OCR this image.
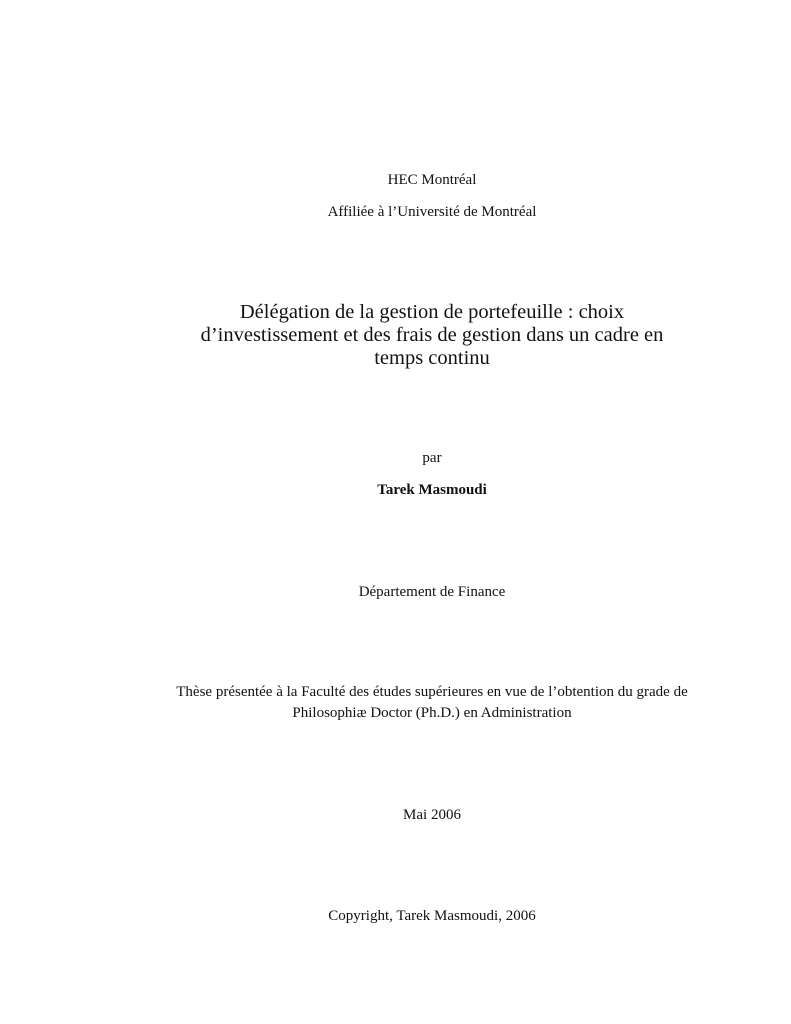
HEC Montréal

Affiliée à l’Université de Montréal

Délégation de la gestion de portefeuille : choix
d’investissement et des frais de gestion dans un cadre en
temps continu

par

Tarek Masmoudi

Département de Finance

Thèse présentée à la Faculté des études supérieures en vue de l’obtention du grade de
Philosophiæ Doctor (Ph.D.) en Administration

Mai 2006

Copyright, Tarek Masmoudi, 2006
